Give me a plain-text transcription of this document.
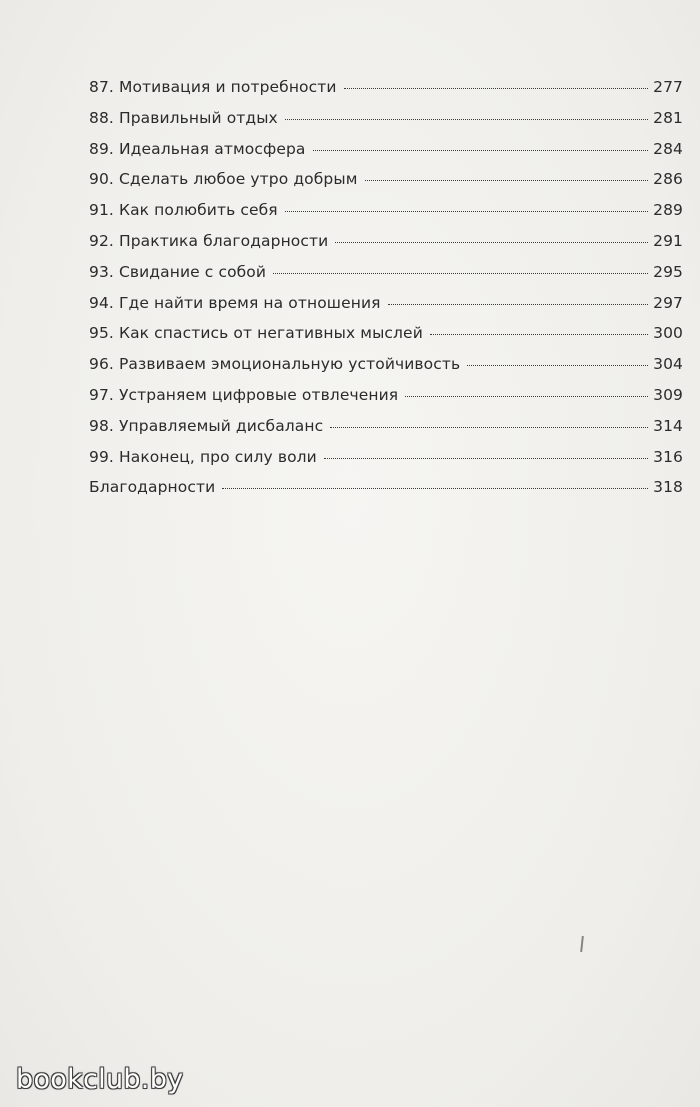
87. Мотивация и потребности	277
88. Правильный отдых	281
89. Идеальная атмосфера	284
90. Сделать любое утро добрым	286
91. Как полюбить себя	289
92. Практика благодарности	291
93. Свидание с собой	295
94. Где найти время на отношения	297
95. Как спастись от негативных мыслей	300
96. Развиваем эмоциональную устойчивость	304
97. Устраняем цифровые отвлечения	309
98. Управляемый дисбаланс	314
99. Наконец, про силу воли	316
Благодарности	318
bookclub.by
